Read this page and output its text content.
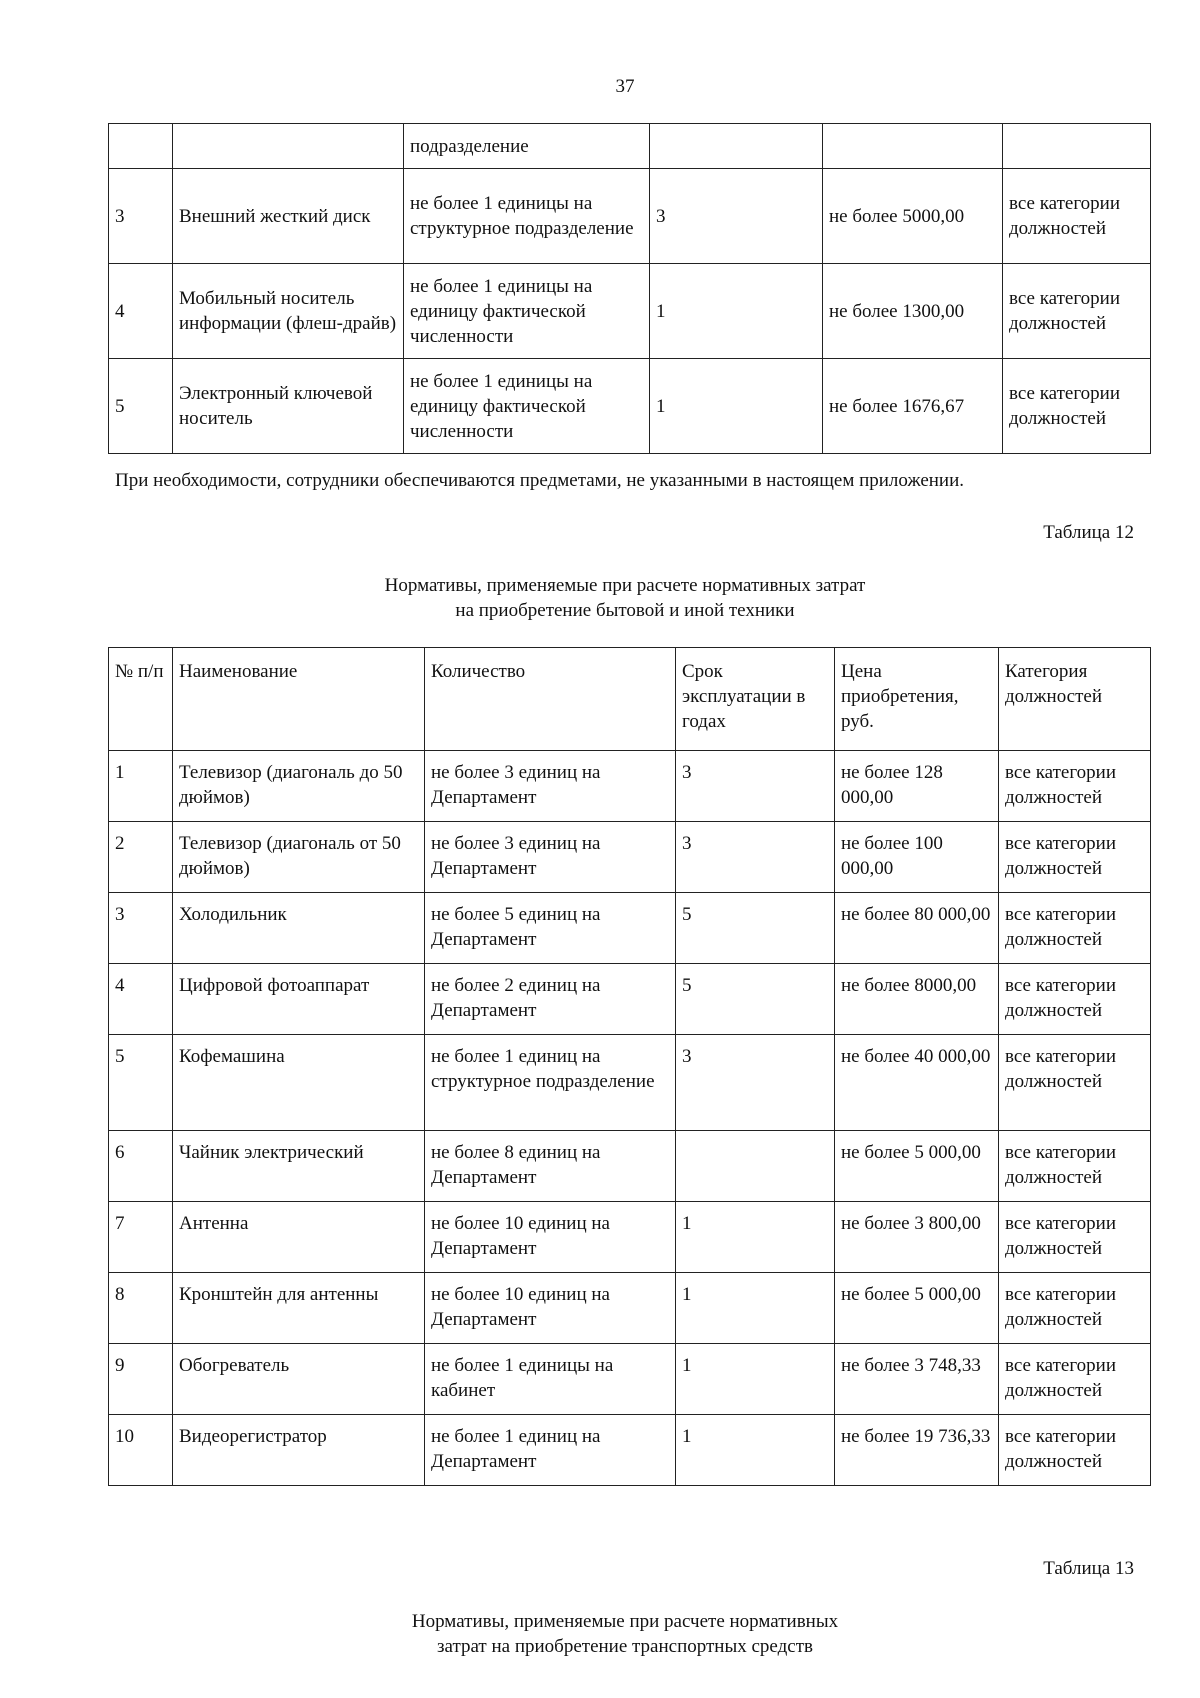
37
		подразделение			
3	Внешний жесткий диск	не более 1 единицы на структурное подразделение	3	не более 5000,00	все категории должностей
4	Мобильный носитель информации (флеш-драйв)	не более 1 единицы на единицу фактической численности	1	не более 1300,00	все категории должностей
5	Электронный ключевой носитель	не более 1 единицы на единицу фактической численности	1	не более 1676,67	все категории должностей
При необходимости, сотрудники обеспечиваются предметами, не указанными в настоящем приложении.
Таблица 12
Нормативы, применяемые при расчете нормативных затрат
на приобретение бытовой и иной техники
№ п/п	Наименование	Количество	Срок эксплуатации в годах	Цена приобретения, руб.	Категория должностей
1	Телевизор (диагональ до 50 дюймов)	не более 3 единиц на Департамент	3	не более 128 000,00	все категории должностей
2	Телевизор (диагональ от 50 дюймов)	не более 3 единиц на Департамент	3	не более 100 000,00	все категории должностей
3	Холодильник	не более 5 единиц на Департамент	5	не более 80 000,00	все категории должностей
4	Цифровой фотоаппарат	не более 2 единиц на Департамент	5	не более 8000,00	все категории должностей
5	Кофемашина	не более 1 единиц на структурное подразделение	3	не более 40 000,00	все категории должностей
6	Чайник электрический	не более 8 единиц на Департамент		не более 5 000,00	все категории должностей
7	Антенна	не более 10 единиц на Департамент	1	не более 3 800,00	все категории должностей
8	Кронштейн для антенны	не более 10 единиц на Департамент	1	не более 5 000,00	все категории должностей
9	Обогреватель	не более 1 единицы на кабинет	1	не более 3 748,33	все категории должностей
10	Видеорегистратор	не более 1 единиц на Департамент	1	не более 19 736,33	все категории должностей
Таблица 13
Нормативы, применяемые при расчете нормативных
затрат на приобретение транспортных средств
